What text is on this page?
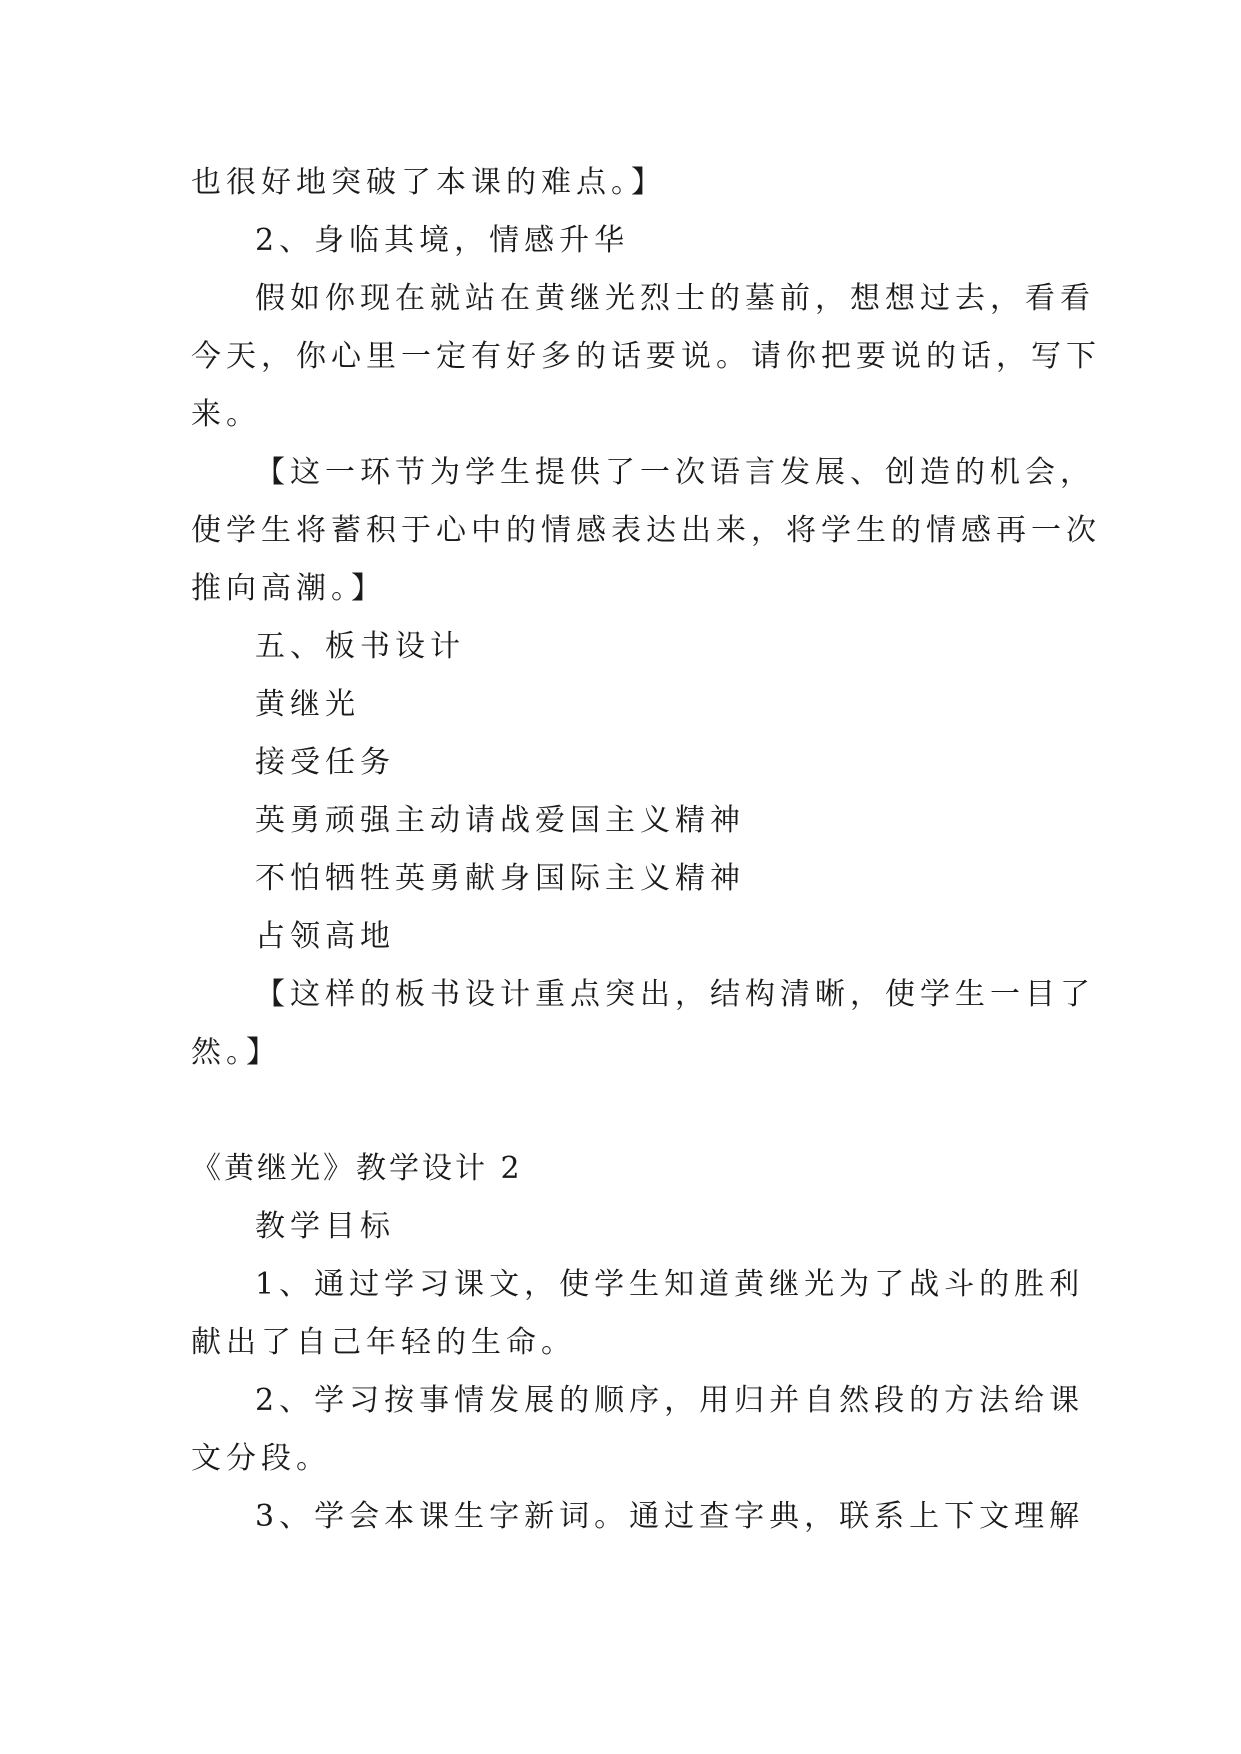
也很好地突破了本课的难点。】
2、身临其境，情感升华
假如你现在就站在黄继光烈士的墓前，想想过去，看看
今天，你心里一定有好多的话要说。请你把要说的话，写下
来。
【这一环节为学生提供了一次语言发展、创造的机会，
使学生将蓄积于心中的情感表达出来，将学生的情感再一次
推向高潮。】
五、板书设计
黄继光
接受任务
英勇顽强主动请战爱国主义精神
不怕牺牲英勇献身国际主义精神
占领高地
【这样的板书设计重点突出，结构清晰，使学生一目了
然。】
《黄继光》教学设计 2
教学目标
1、通过学习课文，使学生知道黄继光为了战斗的胜利
献出了自己年轻的生命。
2、学习按事情发展的顺序，用归并自然段的方法给课
文分段。
3、学会本课生字新词。通过查字典，联系上下文理解
